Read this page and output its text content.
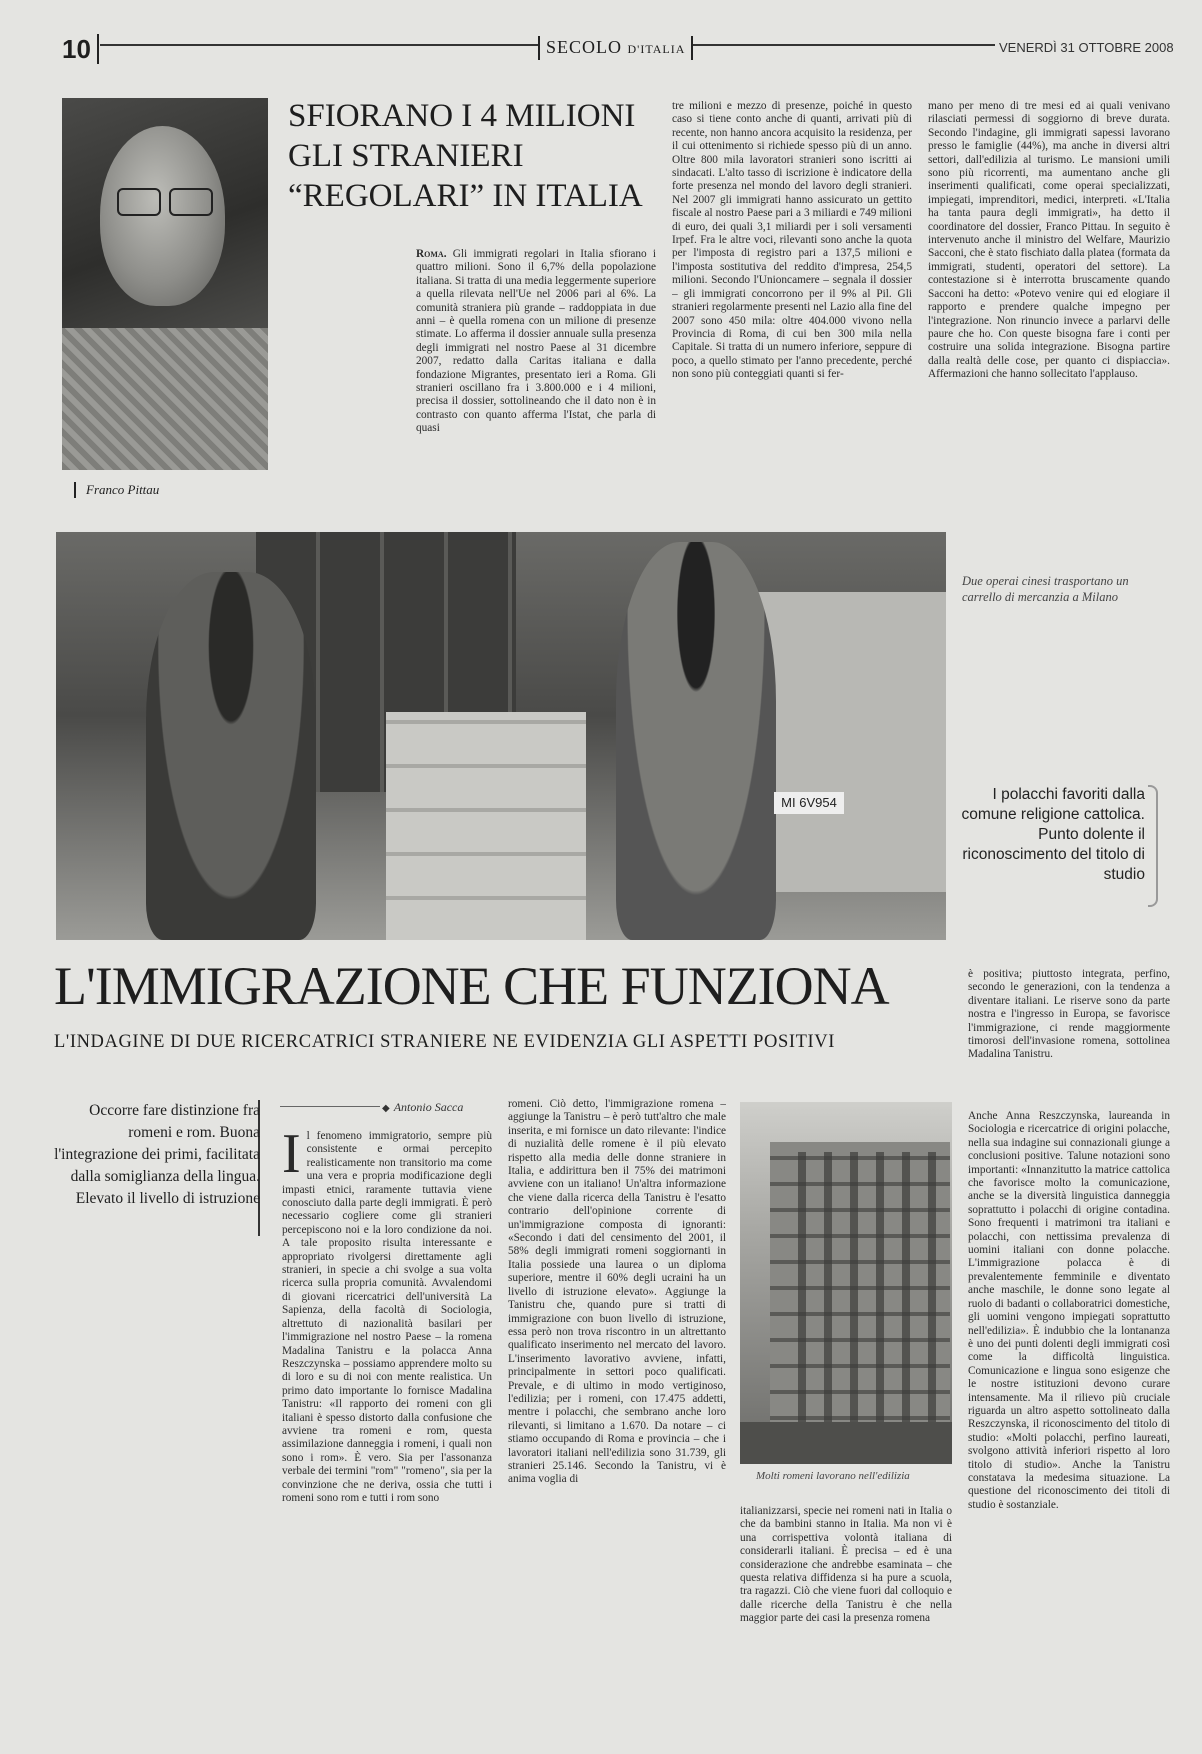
10	SECOLO D'ITALIA	VENERDÌ 31 OTTOBRE 2008
Franco Pittau
SFIORANO I 4 MILIONI GLI STRANIERI “REGOLARI” IN ITALIA
Roma. Gli immigrati regolari in Italia sfiorano i quattro milioni. Sono il 6,7% della popolazione italiana. Si tratta di una media leggermente superiore a quella rilevata nell'Ue nel 2006 pari al 6%. La comunità straniera più grande – raddoppiata in due anni – è quella romena con un milione di presenze stimate. Lo afferma il dossier annuale sulla presenza degli immigrati nel nostro Paese al 31 dicembre 2007, redatto dalla Caritas italiana e dalla fondazione Migrantes, presentato ieri a Roma. Gli stranieri oscillano fra i 3.800.000 e i 4 milioni, precisa il dossier, sottolineando che il dato non è in contrasto con quanto afferma l'Istat, che parla di quasi
tre milioni e mezzo di presenze, poiché in questo caso si tiene conto anche di quanti, arrivati più di recente, non hanno ancora acquisito la residenza, per il cui ottenimento si richiede spesso più di un anno. Oltre 800 mila lavoratori stranieri sono iscritti ai sindacati. L'alto tasso di iscrizione è indicatore della forte presenza nel mondo del lavoro degli stranieri. Nel 2007 gli immigrati hanno assicurato un gettito fiscale al nostro Paese pari a 3 miliardi e 749 milioni di euro, dei quali 3,1 miliardi per i soli versamenti Irpef. Fra le altre voci, rilevanti sono anche la quota per l'imposta di registro pari a 137,5 milioni e l'imposta sostitutiva del reddito d'impresa, 254,5 milioni. Secondo l'Unioncamere – segnala il dossier – gli immigrati concorrono per il 9% al Pil. Gli stranieri regolarmente presenti nel Lazio alla fine del 2007 sono 450 mila: oltre 404.000 vivono nella Provincia di Roma, di cui ben 300 mila nella Capitale. Si tratta di un numero inferiore, seppure di poco, a quello stimato per l'anno precedente, perché non sono più conteggiati quanti si fer-
mano per meno di tre mesi ed ai quali venivano rilasciati permessi di soggiorno di breve durata. Secondo l'indagine, gli immigrati sapessi lavorano presso le famiglie (44%), ma anche in diversi altri settori, dall'edilizia al turismo. Le mansioni umili sono più ricorrenti, ma aumentano anche gli inserimenti qualificati, come operai specializzati, impiegati, imprenditori, medici, interpreti. «L'Italia ha tanta paura degli immigrati», ha detto il coordinatore del dossier, Franco Pittau. In seguito è intervenuto anche il ministro del Welfare, Maurizio Sacconi, che è stato fischiato dalla platea (formata da immigrati, studenti, operatori del settore). La contestazione si è interrotta bruscamente quando Sacconi ha detto: «Potevo venire qui ed elogiare il rapporto e prendere qualche impegno per l'integrazione. Non rinuncio invece a parlarvi delle paure che ho. Con queste bisogna fare i conti per costruire una solida integrazione. Bisogna partire dalla realtà delle cose, per quanto ci dispiaccia». Affermazioni che hanno sollecitato l'applauso.
MI 6V954
Due operai cinesi trasportano un carrello di mercanzia a Milano
I polacchi favoriti dalla comune religione cattolica. Punto dolente il riconoscimento del titolo di studio
L'IMMIGRAZIONE CHE FUNZIONA
L'INDAGINE DI DUE RICERCATRICI STRANIERE NE EVIDENZIA GLI ASPETTI POSITIVI
è positiva; piuttosto integrata, perfino, secondo le generazioni, con la tendenza a diventare italiani. Le riserve sono da parte nostra e l'ingresso in Europa, se favorisce l'immigrazione, ci rende maggiormente timorosi dell'invasione romena, sottolinea Madalina Tanistru.
Occorre fare distinzione fra romeni e rom. Buona l'integrazione dei primi, facilitata dalla somiglianza della lingua. Elevato il livello di istruzione
◆ Antonio Sacca
I l fenomeno immigratorio, sempre più consistente e ormai percepito realisticamente non transitorio ma come una vera e propria modificazione degli impasti etnici, raramente tuttavia viene conosciuto dalla parte degli immigrati. È però necessario cogliere come gli stranieri percepiscono noi e la loro condizione da noi. A tale proposito risulta interessante e appropriato rivolgersi direttamente agli stranieri, in specie a chi svolge a sua volta ricerca sulla propria comunità. Avvalendomi di giovani ricercatrici dell'università La Sapienza, della facoltà di Sociologia, altrettuto di nazionalità basilari per l'immigrazione nel nostro Paese – la romena Madalina Tanistru e la polacca Anna Reszczynska – possiamo apprendere molto su di loro e su di noi con mente realistica. Un primo dato importante lo fornisce Madalina Tanistru: «Il rapporto dei romeni con gli italiani è spesso distorto dalla confusione che avviene tra romeni e rom, questa assimilazione danneggia i romeni, i quali non sono i rom». È vero. Sia per l'assonanza verbale dei termini "rom" "romeno", sia per la convinzione che ne deriva, ossia che tutti i romeni sono rom e tutti i rom sono
romeni. Ciò detto, l'immigrazione romena – aggiunge la Tanistru – è però tutt'altro che male inserita, e mi fornisce un dato rilevante: l'indice di nuzialità delle romene è il più elevato rispetto alla media delle donne straniere in Italia, e addirittura ben il 75% dei matrimoni avviene con un italiano! Un'altra informazione che viene dalla ricerca della Tanistru è l'esatto contrario dell'opinione corrente di un'immigrazione composta di ignoranti: «Secondo i dati del censimento del 2001, il 58% degli immigrati romeni soggiornanti in Italia possiede una laurea o un diploma superiore, mentre il 60% degli ucraini ha un livello di istruzione elevato». Aggiunge la Tanistru che, quando pure si tratti di immigrazione con buon livello di istruzione, essa però non trova riscontro in un altrettanto qualificato inserimento nel mercato del lavoro. L'inserimento lavorativo avviene, infatti, principalmente in settori poco qualificati. Prevale, e di ultimo in modo vertiginoso, l'edilizia; per i romeni, con 17.475 addetti, mentre i polacchi, che sembrano anche loro rilevanti, si limitano a 1.670. Da notare – ci stiamo occupando di Roma e provincia – che i lavoratori italiani nell'edilizia sono 31.739, gli stranieri 25.146. Secondo la Tanistru, vi è anima voglia di	Molti romeni lavorano nell'edilizia
italianizzarsi, specie nei romeni nati in Italia o che da bambini stanno in Italia. Ma non vi è una corrispettiva volontà italiana di considerarli italiani. È precisa – ed è una considerazione che andrebbe esaminata – che questa relativa diffidenza si ha pure a scuola, tra ragazzi. Ciò che viene fuori dal colloquio e dalle ricerche della Tanistru è che nella maggior parte dei casi la presenza romena
Anche Anna Reszczynska, laureanda in Sociologia e ricercatrice di origini polacche, nella sua indagine sui connazionali giunge a conclusioni positive. Talune notazioni sono importanti: «Innanzitutto la matrice cattolica che favorisce molto la comunicazione, anche se la diversità linguistica danneggia soprattutto i polacchi di origine contadina. Sono frequenti i matrimoni tra italiani e polacchi, con nettissima prevalenza di uomini italiani con donne polacche. L'immigrazione polacca è di prevalentemente femminile e diventato anche maschile, le donne sono legate al ruolo di badanti o collaboratrici domestiche, gli uomini vengono impiegati soprattutto nell'edilizia». È indubbio che la lontananza è uno dei punti dolenti degli immigrati così come la difficoltà linguistica. Comunicazione e lingua sono esigenze che le nostre istituzioni devono curare intensamente. Ma il rilievo più cruciale riguarda un altro aspetto sottolineato dalla Reszczynska, il riconoscimento del titolo di studio: «Molti polacchi, perfino laureati, svolgono attività inferiori rispetto al loro titolo di studio». Anche la Tanistru constatava la medesima situazione. La questione del riconoscimento dei titoli di studio è sostanziale.
